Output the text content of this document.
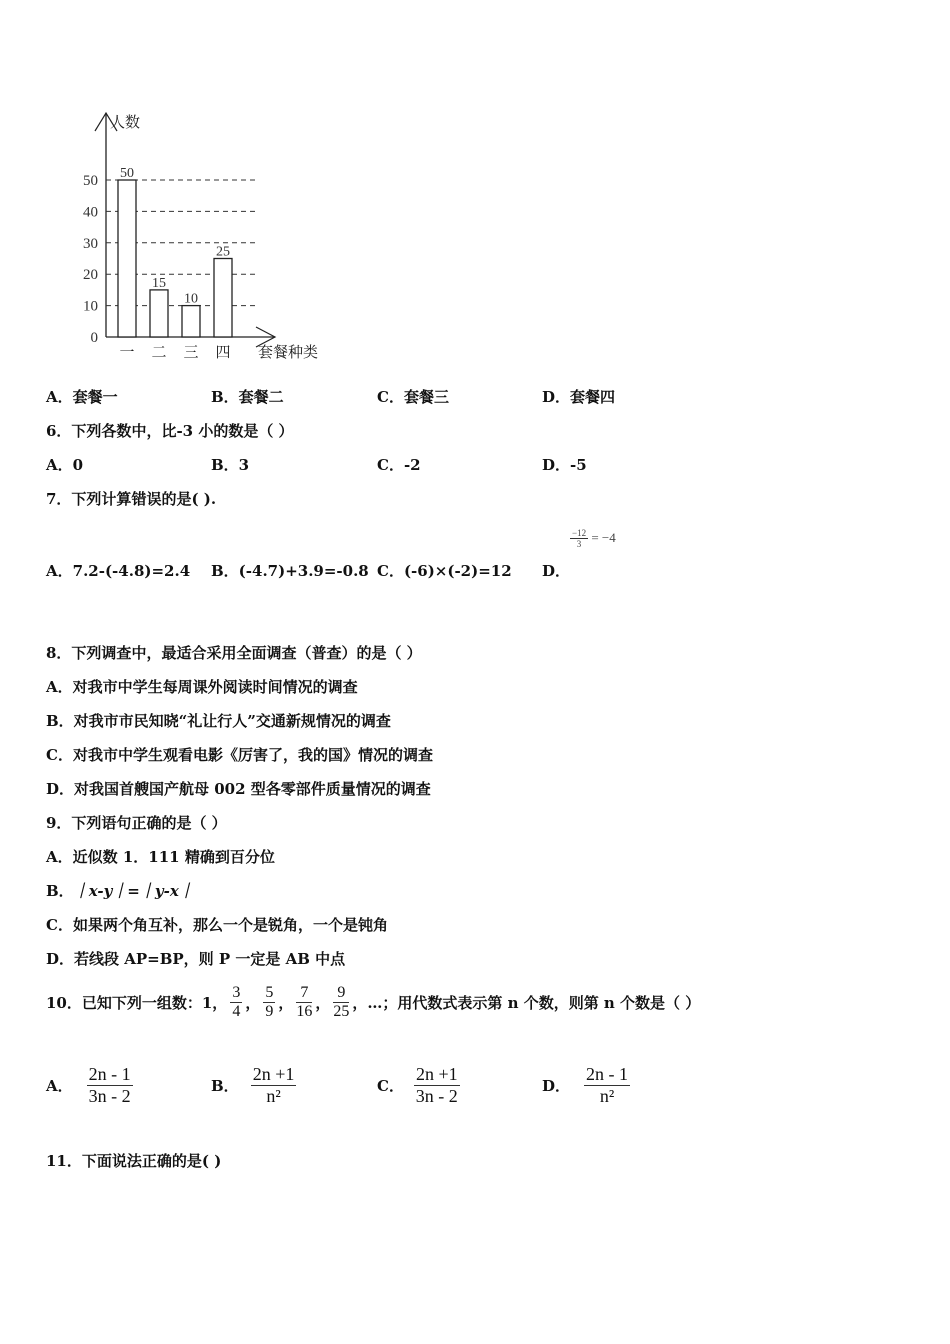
人数
0
10
20
30
40
50 50
一
15
二
10
三
25
四 套餐种类
A．套餐一	B．套餐二	C．套餐三	D．套餐四
6．下列各数中，比-3 小的数是（ ）
A．0	B．3	C．-2	D．-5
7．下列计算错误的是( ).
A．7.2-(-4.8)=2.4 B．(-4.7)+3.9=-0.8 C．(-6)×(-2)=12 D．
$\frac{-12}{3} = -4$
8．下列调查中，最适合采用全面调查（普查）的是（ ）
A．对我市中学生每周课外阅读时间情况的调查
B．对我市市民知晓“礼让行人”交通新规情况的调查
C．对我市中学生观看电影《厉害了，我的国》情况的调查
D．对我国首艘国产航母 002 型各零部件质量情况的调查
9．下列语句正确的是（ ）
A．近似数 1．111 精确到百分位
B．｜x-y｜=｜y-x｜
C．如果两个角互补，那么一个是锐角，一个是钝角
D．若线段 AP=BP，则 P 一定是 AB 中点
10．已知下列一组数：1， $\frac{3}{4}$ ， $\frac{5}{9}$ ， $\frac{7}{16}$ ， $\frac{9}{25}$ ，…；用代数式表示第 n 个数，则第 n 个数是（ ）
A． $\frac{2n - 1}{3n - 2}$	B． $\frac{2n +1}{\text{n²}}$	C． $\frac{2n +1}{3n - 2}$	D． $\frac{2n - 1}{\text{n²}}$
11．下面说法正确的是( )
